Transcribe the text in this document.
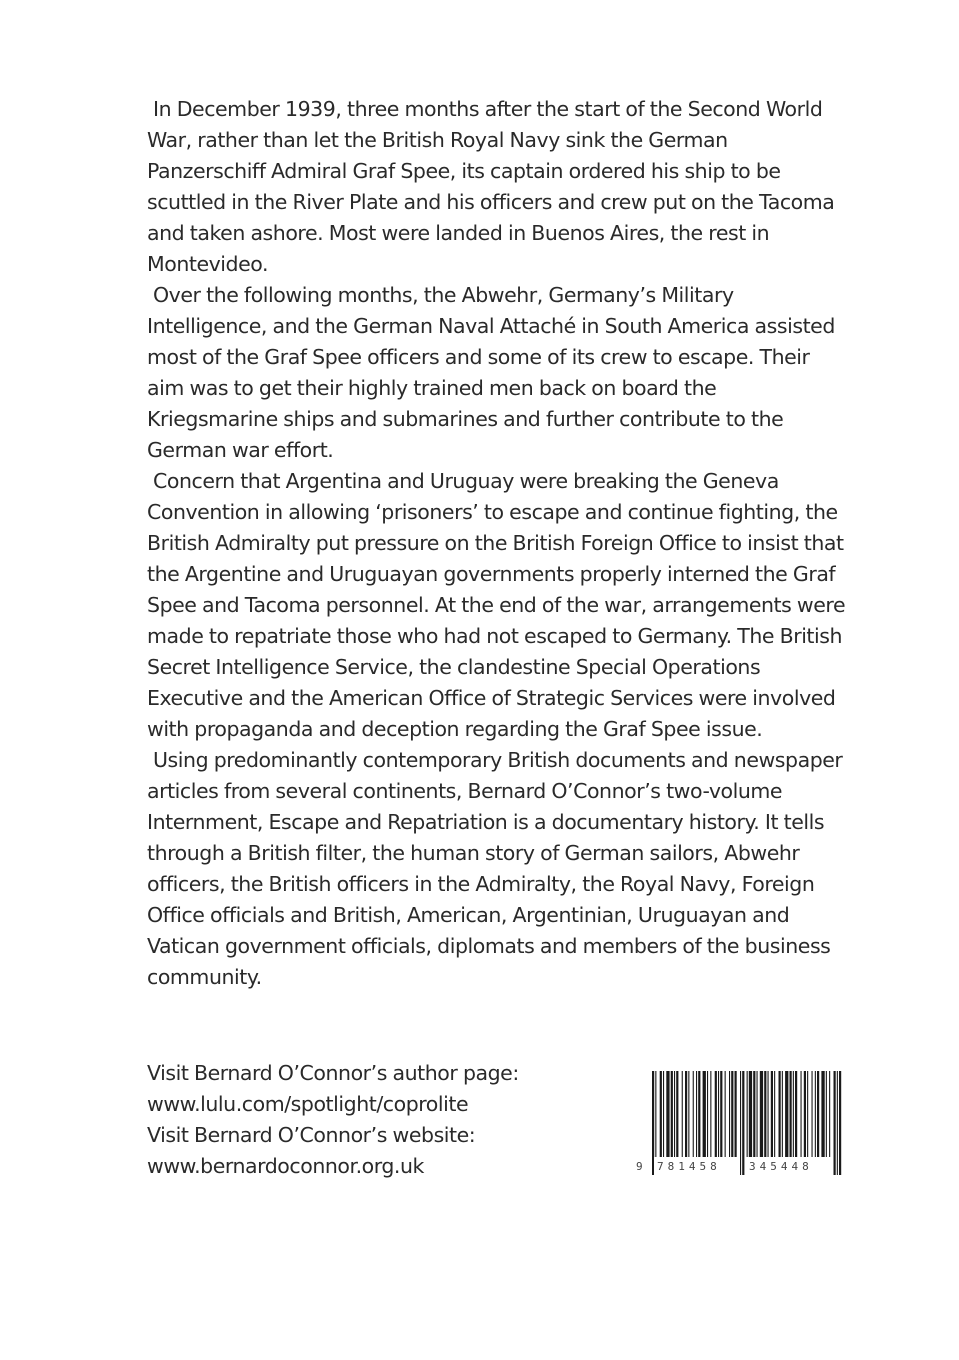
In December 1939, three months after the start of the Second World War, rather than let the British Royal Navy sink the German Panzerschiff Admiral Graf Spee, its captain ordered his ship to be scuttled in the River Plate and his officers and crew put on the Tacoma and taken ashore. Most were landed in Buenos Aires, the rest in Montevideo.

Over the following months, the Abwehr, Germany’s Military Intelligence, and the German Naval Attaché in South America assisted most of the Graf Spee officers and some of its crew to escape. Their aim was to get their highly trained men back on board the Kriegsmarine ships and submarines and further contribute to the German war effort.

Concern that Argentina and Uruguay were breaking the Geneva Convention in allowing ‘prisoners’ to escape and continue fighting, the British Admiralty put pressure on the British Foreign Office to insist that the Argentine and Uruguayan governments properly interned the Graf Spee and Tacoma personnel. At the end of the war, arrangements were made to repatriate those who had not escaped to Germany. The British Secret Intelligence Service, the clandestine Special Operations Executive and the American Office of Strategic Services were involved with propaganda and deception regarding the Graf Spee issue.

Using predominantly contemporary British documents and newspaper articles from several continents, Bernard O’Connor’s two-volume Internment, Escape and Repatriation is a documentary history. It tells through a British filter, the human story of German sailors, Abwehr officers, the British officers in the Admiralty, the Royal Navy, Foreign Office officials and British, American, Argentinian, Uruguayan and Vatican government officials, diplomats and members of the business community.

Visit Bernard O’Connor’s author page:
www.lulu.com/spotlight/coprolite
Visit Bernard O’Connor’s website:
www.bernardoconnor.org.uk	9 781458	345448
